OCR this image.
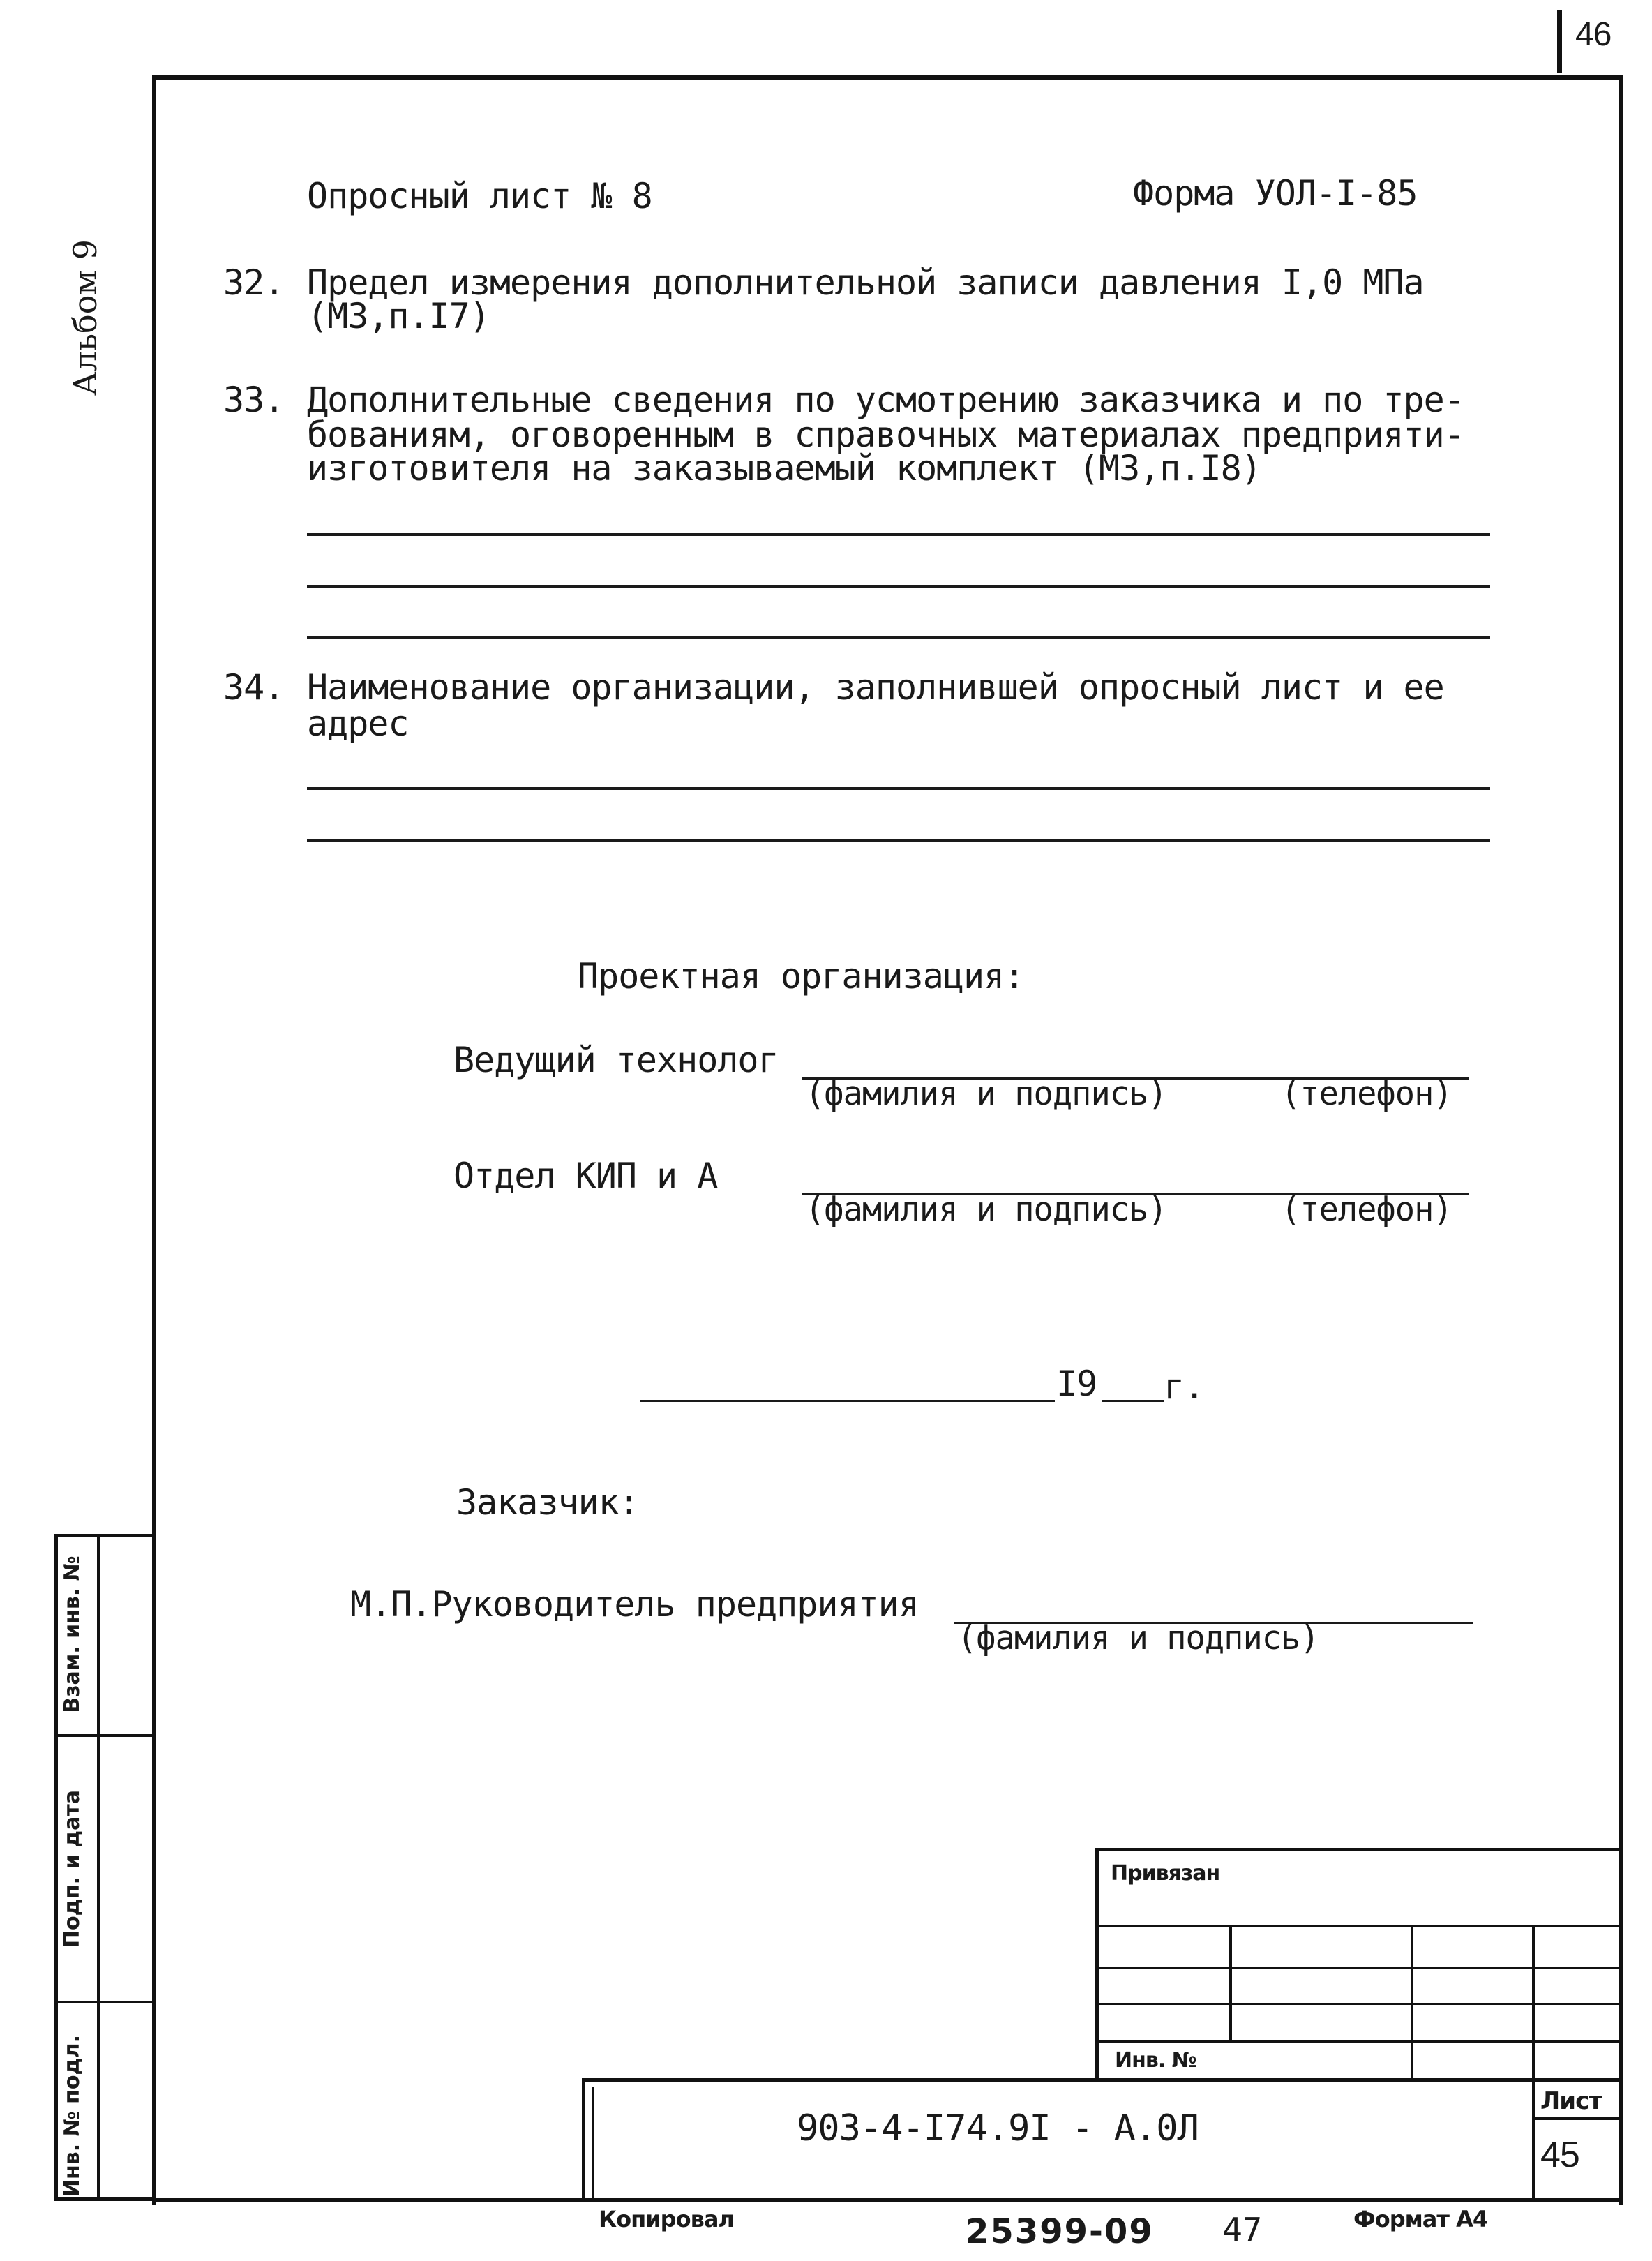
46
Альбом 9
Опросный лист № 8	Форма УОЛ-I-85
32. Предел измерения дополнительной записи давления I,0 МПа
(МЗ,п.I7)
33. Дополнительные сведения по усмотрению заказчика и по тре-
бованиям, оговоренным в справочных материалах предприяти-
изготовителя на заказываемый комплект (МЗ,п.I8)
34. Наименование организации, заполнившей опросный лист и ее
адрес
Проектная организация:
Ведущий технолог
(фамилия и подпись)	(телефон)
Отдел КИП и А
(фамилия и подпись)	(телефон)
I9 г.
Заказчик:
М.П.Руководитель предприятия
(фамилия и подпись)
Взам. инв. №
Подп. и дата
Инв. № подл.
Привязан
Инв. №
903-4-I74.9I - А.0Л
Лист
45
Копировал	25399-09 47	Формат А4
